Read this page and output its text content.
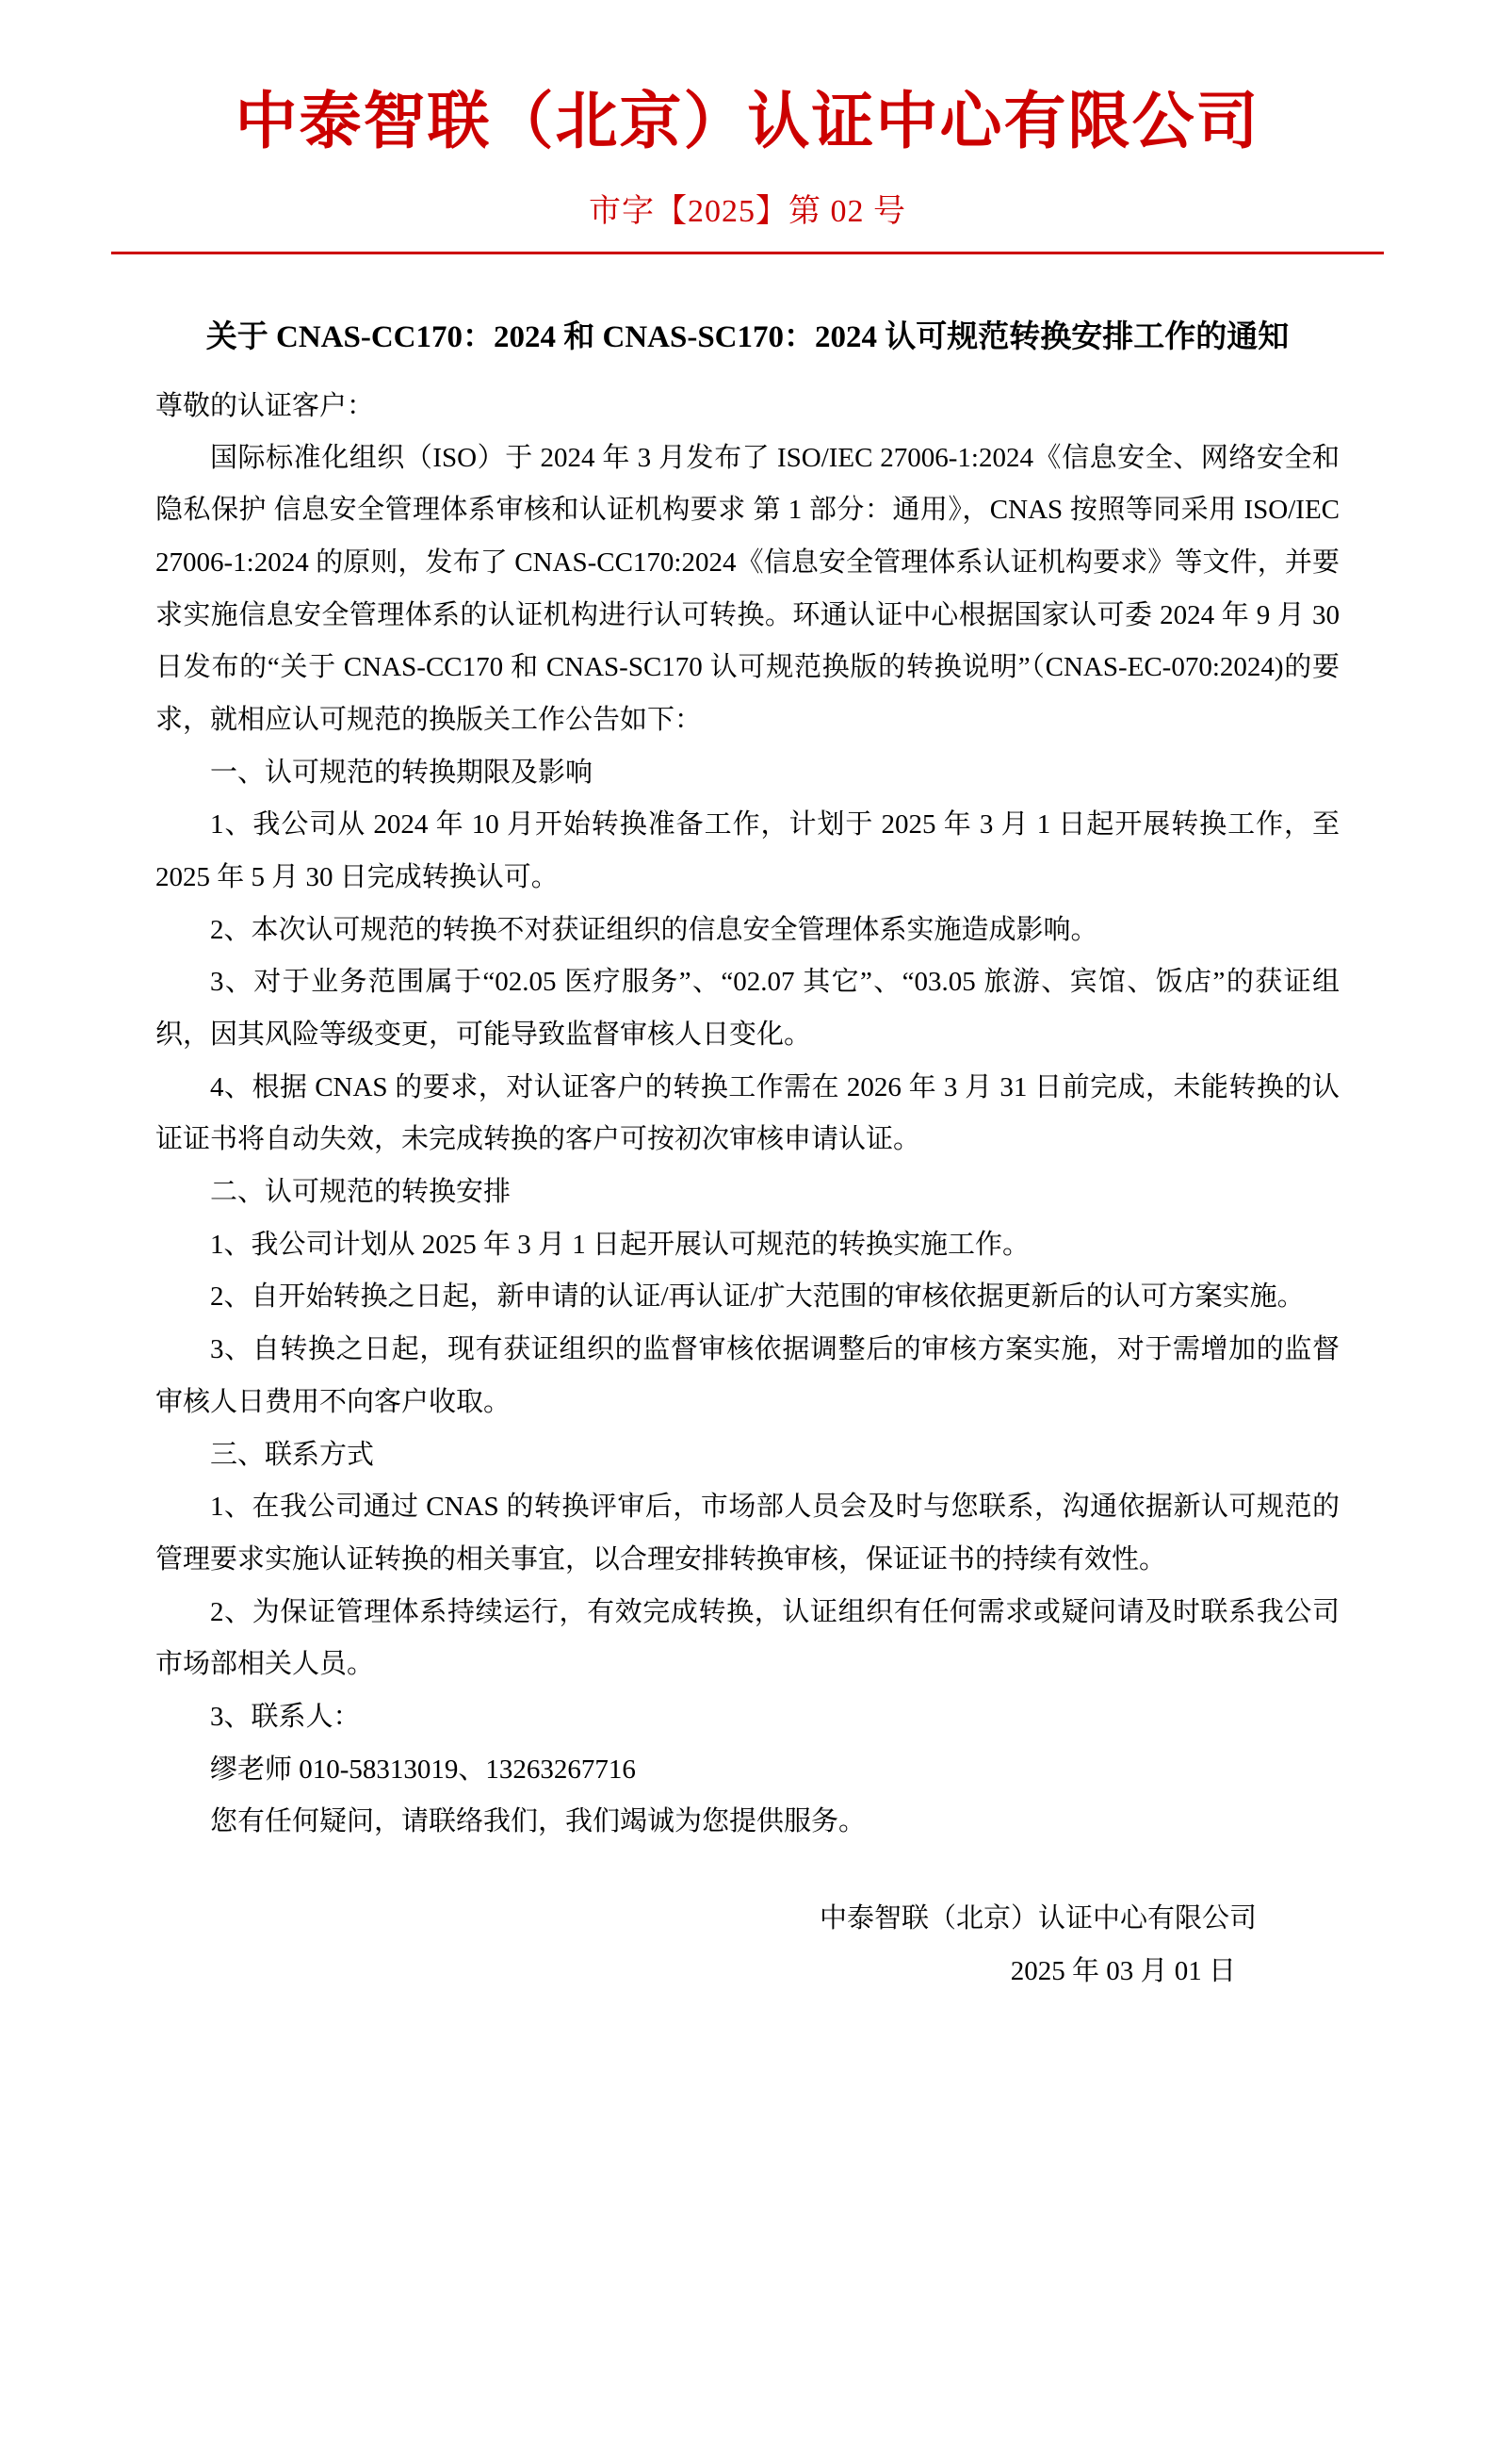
中泰智联（北京）认证中心有限公司
市字【2025】第 02 号
关于 CNAS-CC170：2024 和 CNAS-SC170：2024 认可规范转换安排工作的通知
尊敬的认证客户：

国际标准化组织（ISO）于 2024 年 3 月发布了 ISO/IEC 27006-1:2024《信息安全、网络安全和隐私保护 信息安全管理体系审核和认证机构要求 第 1 部分：通用》，CNAS 按照等同采用 ISO/IEC 27006-1:2024 的原则，发布了 CNAS-CC170:2024《信息安全管理体系认证机构要求》等文件，并要求实施信息安全管理体系的认证机构进行认可转换。环通认证中心根据国家认可委 2024 年 9 月 30 日发布的“关于 CNAS-CC170 和 CNAS-SC170 认可规范换版的转换说明”（CNAS-EC-070:2024)的要求，就相应认可规范的换版关工作公告如下：

一、认可规范的转换期限及影响

1、我公司从 2024 年 10 月开始转换准备工作，计划于 2025 年 3 月 1 日起开展转换工作，至 2025 年 5 月 30 日完成转换认可。

2、本次认可规范的转换不对获证组织的信息安全管理体系实施造成影响。

3、对于业务范围属于“02.05 医疗服务”、“02.07 其它”、“03.05 旅游、宾馆、饭店”的获证组织，因其风险等级变更，可能导致监督审核人日变化。

4、根据 CNAS 的要求，对认证客户的转换工作需在 2026 年 3 月 31 日前完成，未能转换的认证证书将自动失效，未完成转换的客户可按初次审核申请认证。

二、认可规范的转换安排

1、我公司计划从 2025 年 3 月 1 日起开展认可规范的转换实施工作。

2、自开始转换之日起，新申请的认证/再认证/扩大范围的审核依据更新后的认可方案实施。

3、自转换之日起，现有获证组织的监督审核依据调整后的审核方案实施，对于需增加的监督审核人日费用不向客户收取。

三、联系方式

1、在我公司通过 CNAS 的转换评审后，市场部人员会及时与您联系，沟通依据新认可规范的管理要求实施认证转换的相关事宜，以合理安排转换审核，保证证书的持续有效性。

2、为保证管理体系持续运行，有效完成转换，认证组织有任何需求或疑问请及时联系我公司市场部相关人员。

3、联系人：

缪老师 010-58313019、13263267716

您有任何疑问，请联络我们，我们竭诚为您提供服务。

中泰智联（北京）认证中心有限公司
2025 年 03 月 01 日
